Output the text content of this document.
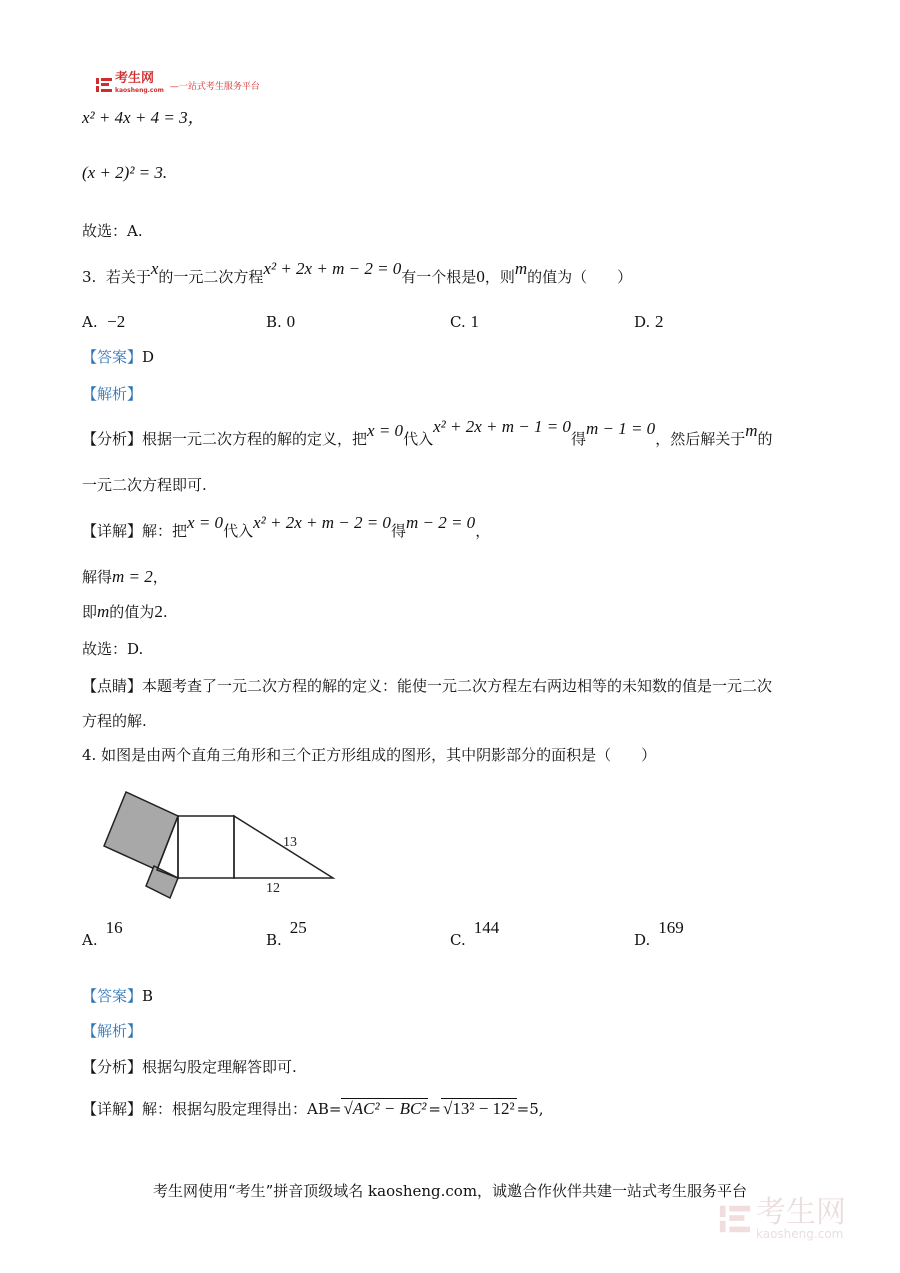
考生网
kaosheng.com —一站式考生服务平台
x² + 4x + 4 = 3，
(x + 2)² = 3.
故选：A.
3. 若关于x的一元二次方程x² + 2x + m − 2 = 0有一个根是0，则m的值为（　　）
A. −2	B. 0	C. 1	D. 2
【答案】D
【解析】
【分析】根据一元二次方程的解的定义，把x = 0代入x² + 2x + m − 1 = 0得m − 1 = 0，然后解关于m的
一元二次方程即可.
【详解】解：把x = 0代入x² + 2x + m − 2 = 0得m − 2 = 0，
解得m = 2，
即m的值为2.
故选：D.
【点睛】本题考查了一元二次方程的解的定义：能使一元二次方程左右两边相等的未知数的值是一元二次
方程的解.
4. 如图是由两个直角三角形和三个正方形组成的图形，其中阴影部分的面积是（　　）
13
12
A.16
B.25
C.144
D.169
【答案】B
【解析】
【分析】根据勾股定理解答即可.
【详解】解：根据勾股定理得出：AB= √AC² − BC² = √13² − 12² =5,
考生网使用“考生”拼音顶级域名 kaosheng.com，诚邀合作伙伴共建一站式考生服务平台
考生网
kaosheng.com
